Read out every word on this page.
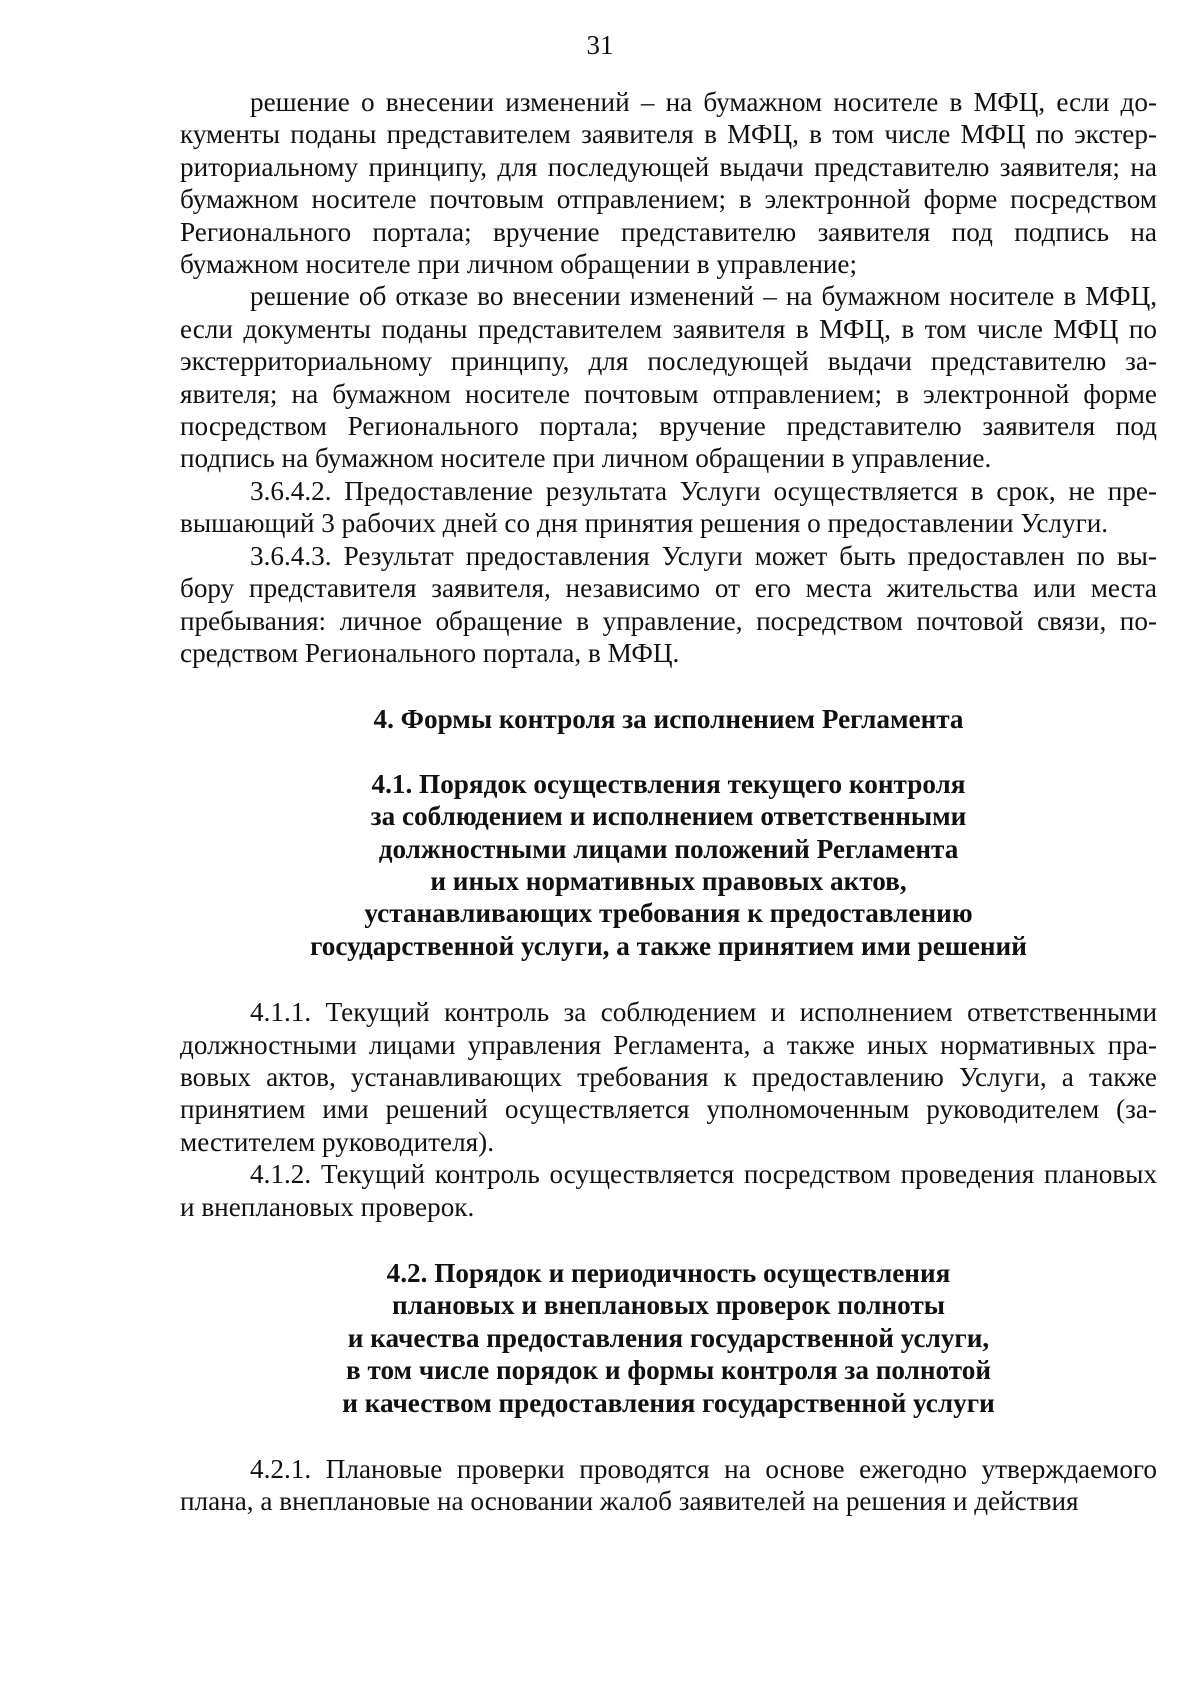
31

решение о внесении изменений – на бумажном носителе в МФЦ, если документы поданы представителем заявителя в МФЦ, в том числе МФЦ по экстерриториальному принципу, для последующей выдачи представителю заявителя; на бумажном носителе почтовым отправлением; в электронной форме посредством Регионального портала; вручение представителю заявителя под подпись на бумажном носителе при личном обращении в управление;

решение об отказе во внесении изменений – на бумажном носителе в МФЦ, если документы поданы представителем заявителя в МФЦ, в том числе МФЦ по экстерриториальному принципу, для последующей выдачи представителю заявителя; на бумажном носителе почтовым отправлением; в электронной форме посредством Регионального портала; вручение представителю заявителя под подпись на бумажном носителе при личном обращении в управление.

3.6.4.2. Предоставление результата Услуги осуществляется в срок, не превышающий 3 рабочих дней со дня принятия решения о предоставлении Услуги.

3.6.4.3. Результат предоставления Услуги может быть предоставлен по выбору представителя заявителя, независимо от его места жительства или места пребывания: личное обращение в управление, посредством почтовой связи, посредством Регионального портала, в МФЦ.

4. Формы контроля за исполнением Регламента
4.1. Порядок осуществления текущего контроля
за соблюдением и исполнением ответственными
должностными лицами положений Регламента
и иных нормативных правовых актов,
устанавливающих требования к предоставлению
государственной услуги, а также принятием ими решений

4.1.1. Текущий контроль за соблюдением и исполнением ответственными должностными лицами управления Регламента, а также иных нормативных правовых актов, устанавливающих требования к предоставлению Услуги, а также принятием ими решений осуществляется уполномоченным руководителем (заместителем руководителя).

4.1.2. Текущий контроль осуществляется посредством проведения плановых и внеплановых проверок.

4.2. Порядок и периодичность осуществления
плановых и внеплановых проверок полноты
и качества предоставления государственной услуги,
в том числе порядок и формы контроля за полнотой
и качеством предоставления государственной услуги

4.2.1. Плановые проверки проводятся на основе ежегодно утверждаемого плана, а внеплановые на основании жалоб заявителей на решения и действия
